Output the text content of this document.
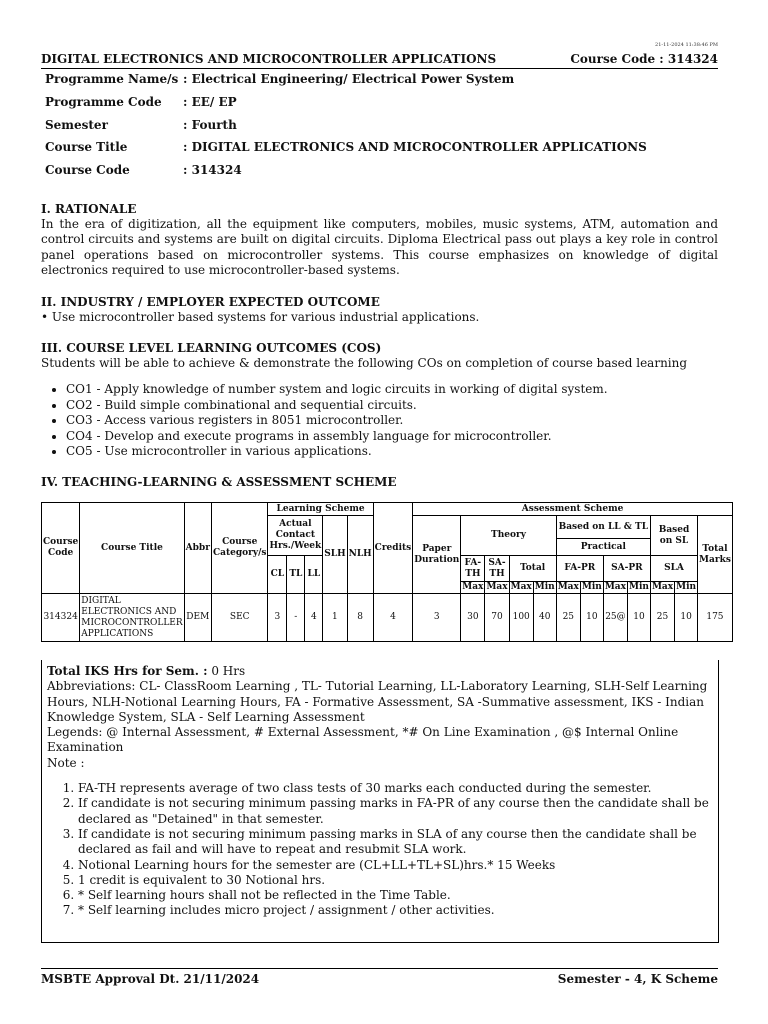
21-11-2024 11:38:46 PM
DIGITAL ELECTRONICS AND MICROCONTROLLER APPLICATIONS	Course Code : 314324
Programme Name/s : Electrical Engineering/ Electrical Power System
Programme Code	: EE/ EP
Semester	: Fourth
Course Title	: DIGITAL ELECTRONICS AND MICROCONTROLLER APPLICATIONS
Course Code	: 314324

I. RATIONALE

In the era of digitization, all the equipment like computers, mobiles, music systems, ATM, automation and control circuits and systems are built on digital circuits. Diploma Electrical pass out plays a key role in control panel operations based on microcontroller systems. This course emphasizes on knowledge of digital electronics required to use microcontroller-based systems.

II. INDUSTRY / EMPLOYER EXPECTED OUTCOME

• Use microcontroller based systems for various industrial applications.

III. COURSE LEVEL LEARNING OUTCOMES (COS)

Students will be able to achieve & demonstrate the following COs on completion of course based learning

• CO1 - Apply knowledge of number system and logic circuits in working of digital system.
• CO2 - Build simple combinational and sequential circuits.
• CO3 - Access various registers in 8051 microcontroller.
• CO4 - Develop and execute programs in assembly language for microcontroller.
• CO5 - Use microcontroller in various applications.

IV. TEACHING-LEARNING & ASSESSMENT SCHEME

Course Code	Course Title	Abbr	Course Category/s	Learning Scheme					Credits	Assessment Scheme											
				Actual Contact Hrs./Week			SLH	NLH		Paper Duration	Theory				Based on LL & TL				Based on SL		Total Marks
															Practical						
				CL	TL	LL					FA-TH	SA-TH	Total		FA-PR		SA-PR		SLA		
											Max	Max	Max	Min	Max	Min	Max	Min	Max	Min	
314324	DIGITAL ELECTRONICS AND MICROCONTROLLER APPLICATIONS	DEM	SEC	3	-	4	1	8	4	3	30	70	100	40	25	10	25@	10	25	10	175
Total IKS Hrs for Sem. : 0 Hrs
Abbreviations: CL- ClassRoom Learning , TL- Tutorial Learning, LL-Laboratory Learning, SLH-Self Learning Hours, NLH-Notional Learning Hours, FA - Formative Assessment, SA -Summative assessment, IKS - Indian Knowledge System, SLA - Self Learning Assessment
Legends: @ Internal Assessment, # External Assessment, *# On Line Examination , @$ Internal Online Examination
Note :
1. FA-TH represents average of two class tests of 30 marks each conducted during the semester.
2. If candidate is not securing minimum passing marks in FA-PR of any course then the candidate shall be declared as "Detained" in that semester.
3. If candidate is not securing minimum passing marks in SLA of any course then the candidate shall be declared as fail and will have to repeat and resubmit SLA work.
4. Notional Learning hours for the semester are (CL+LL+TL+SL)hrs.* 15 Weeks
5. 1 credit is equivalent to 30 Notional hrs.
6. * Self learning hours shall not be reflected in the Time Table.
7. * Self learning includes micro project / assignment / other activities.
MSBTE Approval Dt. 21/11/2024	Semester - 4, K Scheme
